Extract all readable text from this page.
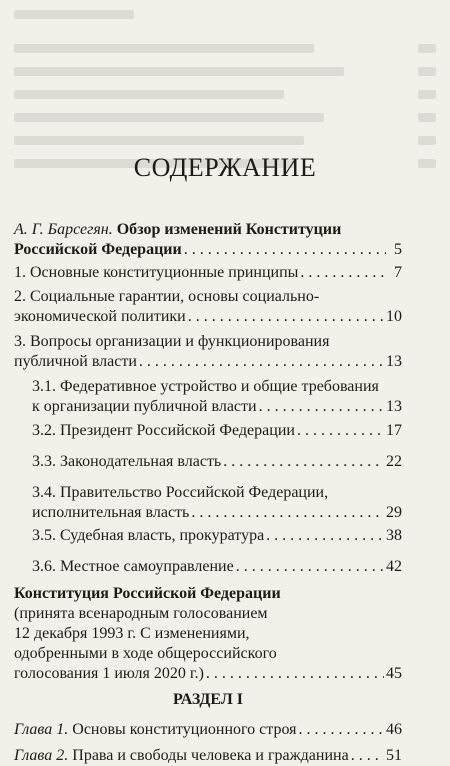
СОДЕРЖАНИЕ
А. Г. Барсегян. Обзор изменений Конституции
Российской Федерации . . .	5
1. Основные конституционные принципы . . .	7
2. Социальные гарантии, основы социально-
экономической политики . . .	10
3. Вопросы организации и функционирования
публичной власти . . .	13
3.1. Федеративное устройство и общие требования
к организации публичной власти . . .	13
3.2. Президент Российской Федерации . . .	17
3.3. Законодательная власть . . .	22
3.4. Правительство Российской Федерации,
исполнительная власть . . .	29
3.5. Судебная власть, прокуратура . . .	38
3.6. Местное самоуправление . . .	42
Конституция Российской Федерации
(принята всенародным голосованием
12 декабря 1993 г. С изменениями,
одобренными в ходе общероссийского
голосования 1 июля 2020 г.) . . .	45
РАЗДЕЛ I
Глава 1. Основы конституционного строя . . .	46
Глава 2. Права и свободы человека и гражданина . . . 51
